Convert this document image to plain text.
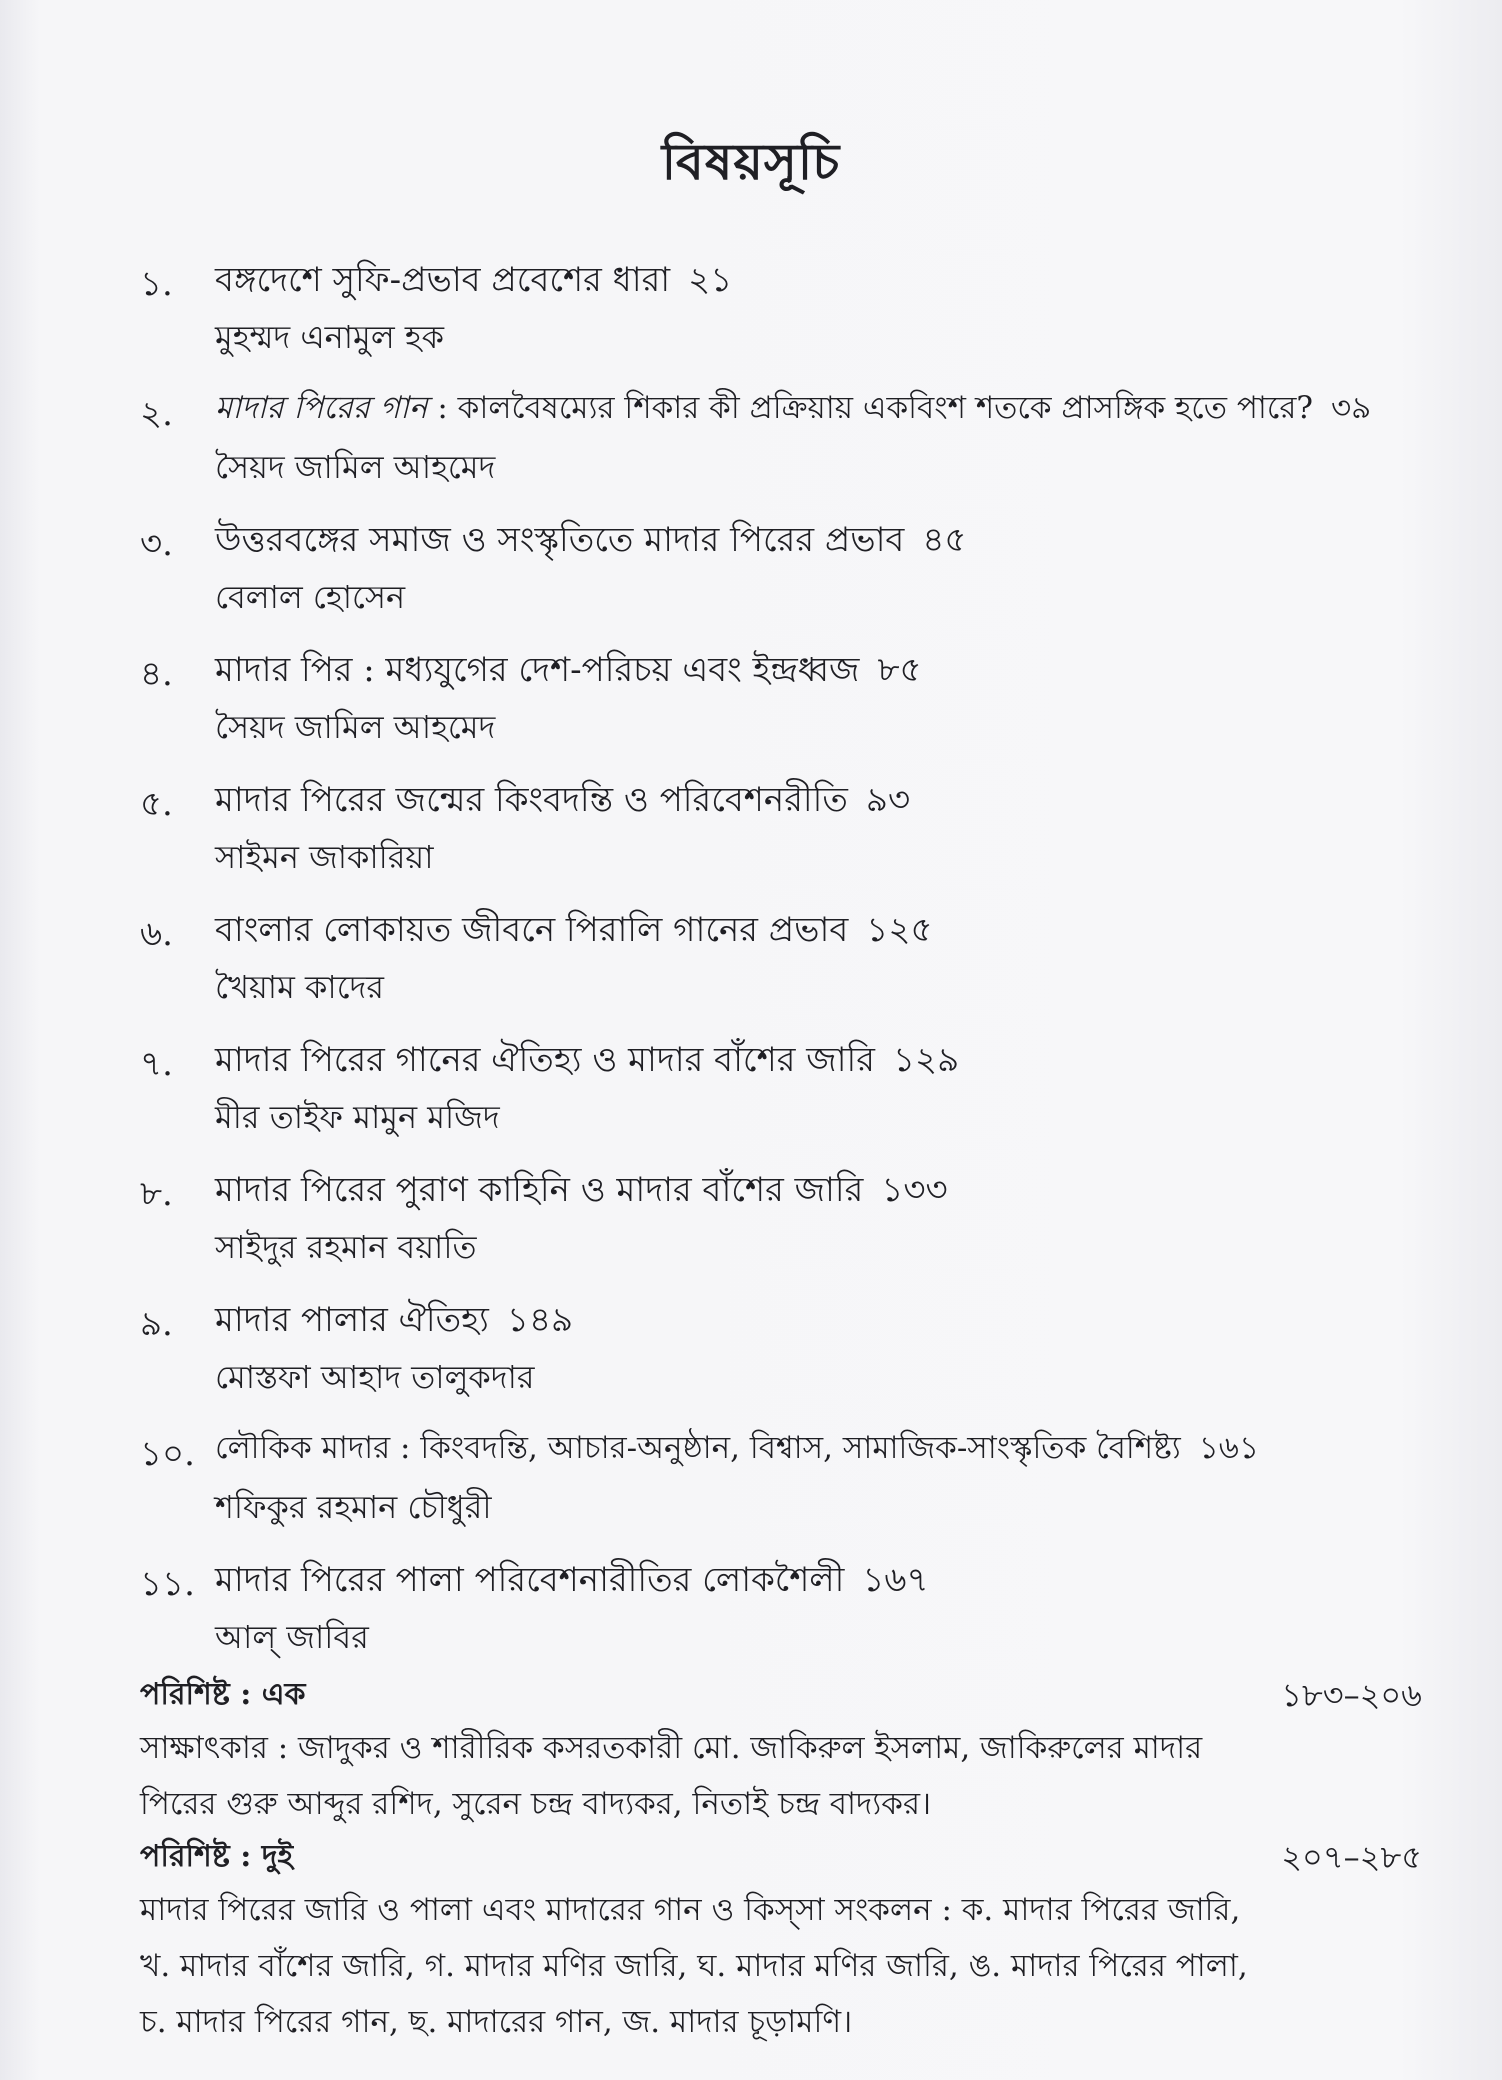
বিষয়সূচি
১.	বঙ্গদেশে সুফি-প্রভাব প্রবেশের ধারা ২১
মুহম্মদ এনামুল হক
২.	মাদার পিরের গান : কালবৈষম্যের শিকার কী প্রক্রিয়ায় একবিংশ শতকে প্রাসঙ্গিক হতে পারে? ৩৯
সৈয়দ জামিল আহমেদ
৩.	উত্তরবঙ্গের সমাজ ও সংস্কৃতিতে মাদার পিরের প্রভাব ৪৫
বেলাল হোসেন
৪.	মাদার পির : মধ্যযুগের দেশ-পরিচয় এবং ইন্দ্রধ্বজ ৮৫
সৈয়দ জামিল আহমেদ
৫.	মাদার পিরের জন্মের কিংবদন্তি ও পরিবেশনরীতি ৯৩
সাইমন জাকারিয়া
৬.	বাংলার লোকায়ত জীবনে পিরালি গানের প্রভাব ১২৫
খৈয়াম কাদের
৭.	মাদার পিরের গানের ঐতিহ্য ও মাদার বাঁশের জারি ১২৯
মীর তাইফ মামুন মজিদ
৮.	মাদার পিরের পুরাণ কাহিনি ও মাদার বাঁশের জারি ১৩৩
সাইদুর রহমান বয়াতি
৯.	মাদার পালার ঐতিহ্য ১৪৯
মোস্তফা আহাদ তালুকদার
১০. লৌকিক মাদার : কিংবদন্তি, আচার-অনুষ্ঠান, বিশ্বাস, সামাজিক-সাংস্কৃতিক বৈশিষ্ট্য ১৬১
শফিকুর রহমান চৌধুরী
১১. মাদার পিরের পালা পরিবেশনারীতির লোকশৈলী ১৬৭
আল্ জাবির
পরিশিষ্ট : এক	১৮৩–২০৬
সাক্ষাৎকার : জাদুকর ও শারীরিক কসরতকারী মো. জাকিরুল ইসলাম, জাকিরুলের মাদার
পিরের গুরু আব্দুর রশিদ, সুরেন চন্দ্র বাদ্যকর, নিতাই চন্দ্র বাদ্যকর।
পরিশিষ্ট : দুই	২০৭–২৮৫
মাদার পিরের জারি ও পালা এবং মাদারের গান ও কিস্সা সংকলন : ক. মাদার পিরের জারি,
খ. মাদার বাঁশের জারি, গ. মাদার মণির জারি, ঘ. মাদার মণির জারি, ঙ. মাদার পিরের পালা,
চ. মাদার পিরের গান, ছ. মাদারের গান, জ. মাদার চূড়ামণি।
